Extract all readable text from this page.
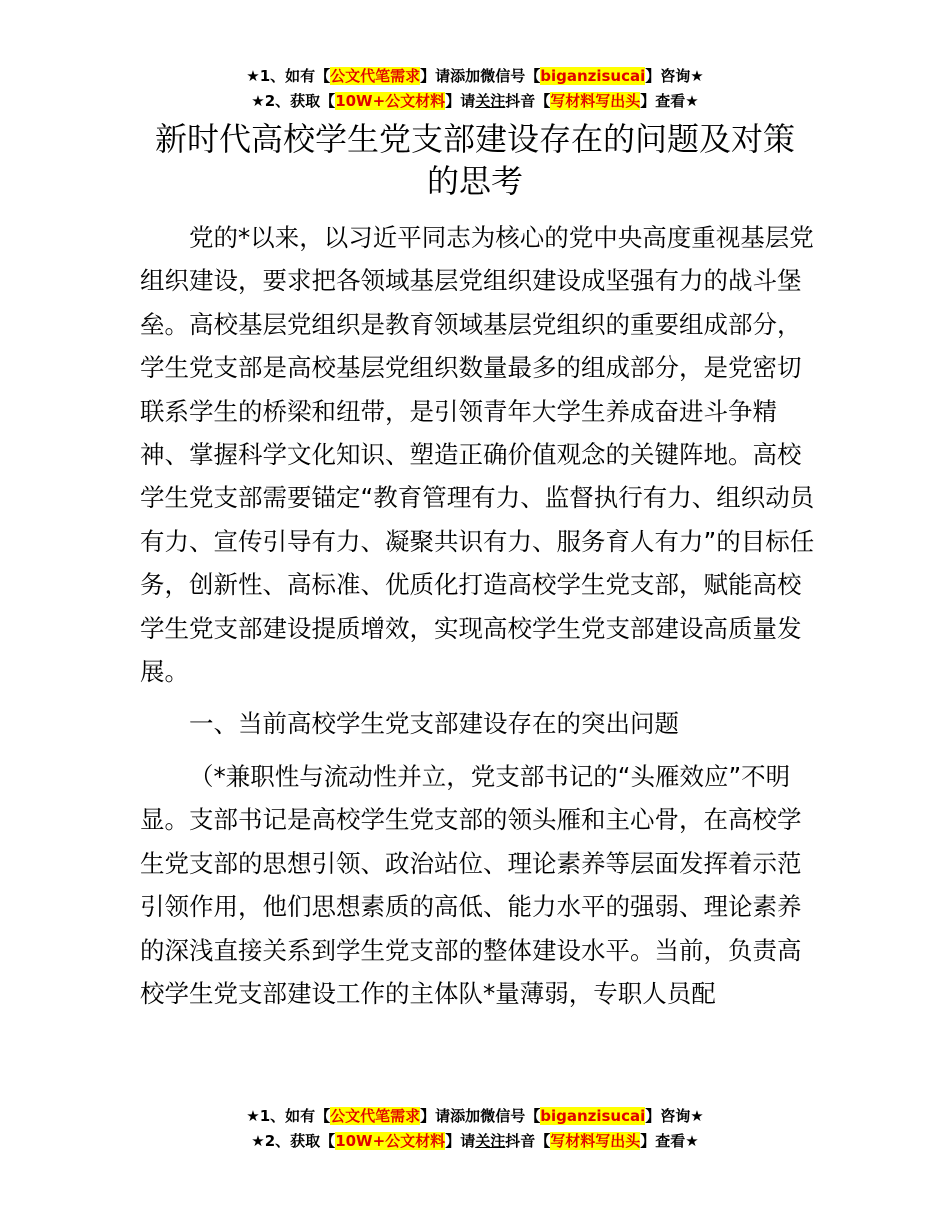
★1、如有【公文代笔需求】请添加微信号【biganzisucai】咨询★
★2、获取【10W+公文材料】请关注抖音【写材料写出头】查看★
新时代高校学生党支部建设存在的问题及对策的思考

党的*以来，以习近平同志为核心的党中央高度重视基层党组织建设，要求把各领域基层党组织建设成坚强有力的战斗堡垒。高校基层党组织是教育领域基层党组织的重要组成部分，学生党支部是高校基层党组织数量最多的组成部分，是党密切联系学生的桥梁和纽带，是引领青年大学生养成奋进斗争精神、掌握科学文化知识、塑造正确价值观念的关键阵地。高校学生党支部需要锚定“教育管理有力、监督执行有力、组织动员有力、宣传引导有力、凝聚共识有力、服务育人有力”的目标任务，创新性、高标准、优质化打造高校学生党支部，赋能高校学生党支部建设提质增效，实现高校学生党支部建设高质量发展。

一、当前高校学生党支部建设存在的突出问题

（*兼职性与流动性并立，党支部书记的“头雁效应”不明显。支部书记是高校学生党支部的领头雁和主心骨，在高校学生党支部的思想引领、政治站位、理论素养等层面发挥着示范引领作用，他们思想素质的高低、能力水平的强弱、理论素养的深浅直接关系到学生党支部的整体建设水平。当前，负责高校学生党支部建设工作的主体队*量薄弱，专职人员配

★1、如有【公文代笔需求】请添加微信号【biganzisucai】咨询★
★2、获取【10W+公文材料】请关注抖音【写材料写出头】查看★
